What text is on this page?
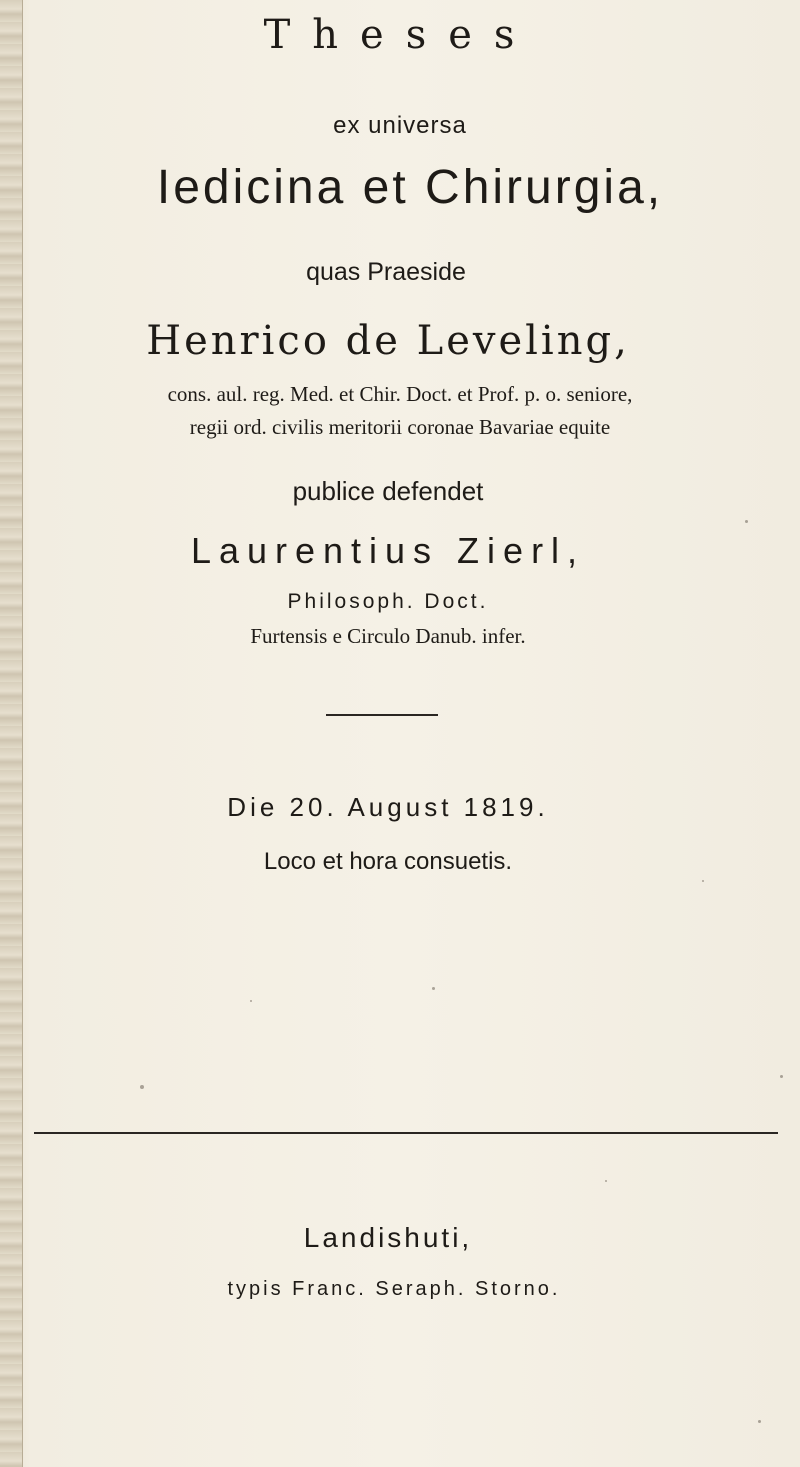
Theses
ex universa
Iedicina et Chirurgia,
quas Praeside
Henrico de Leveling,
cons. aul. reg. Med. et Chir. Doct. et Prof. p. o. seniore,
regii ord. civilis meritorii coronae Bavariae equite
publice defendet
Laurentius Zierl,
Philosoph. Doct.
Furtensis e Circulo Danub. infer.
Die 20. August 1819.
Loco et hora consuetis.
Landishuti,
typis Franc. Seraph. Storno.
